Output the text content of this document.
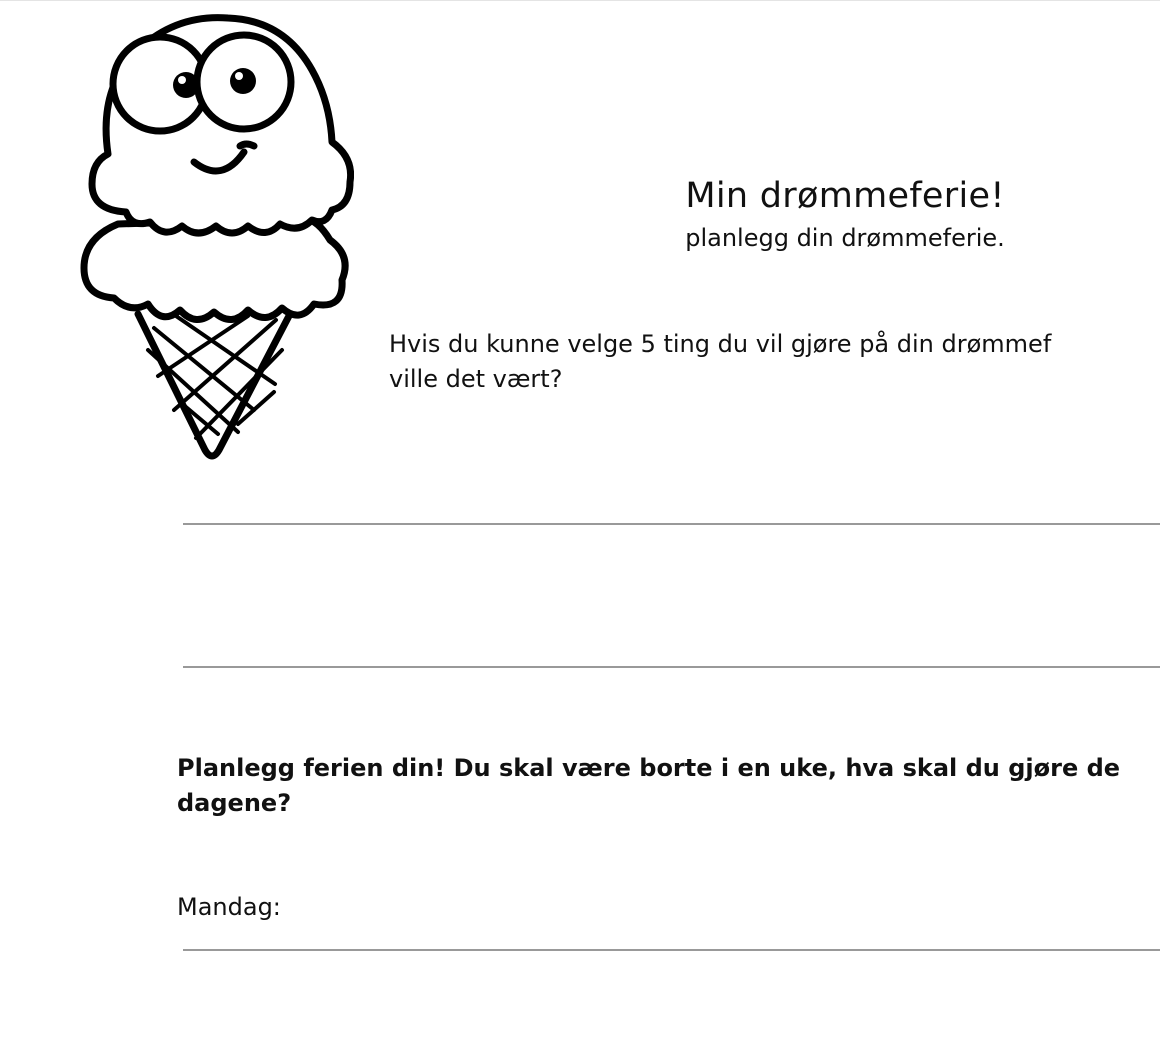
Min drømmeferie!
planlegg din drømmeferie.
Hvis du kunne velge 5 ting du vil gjøre på din drømmef
ville det vært?
Planlegg ferien din! Du skal være borte i en uke, hva skal du gjøre de
dagene?
Mandag:
